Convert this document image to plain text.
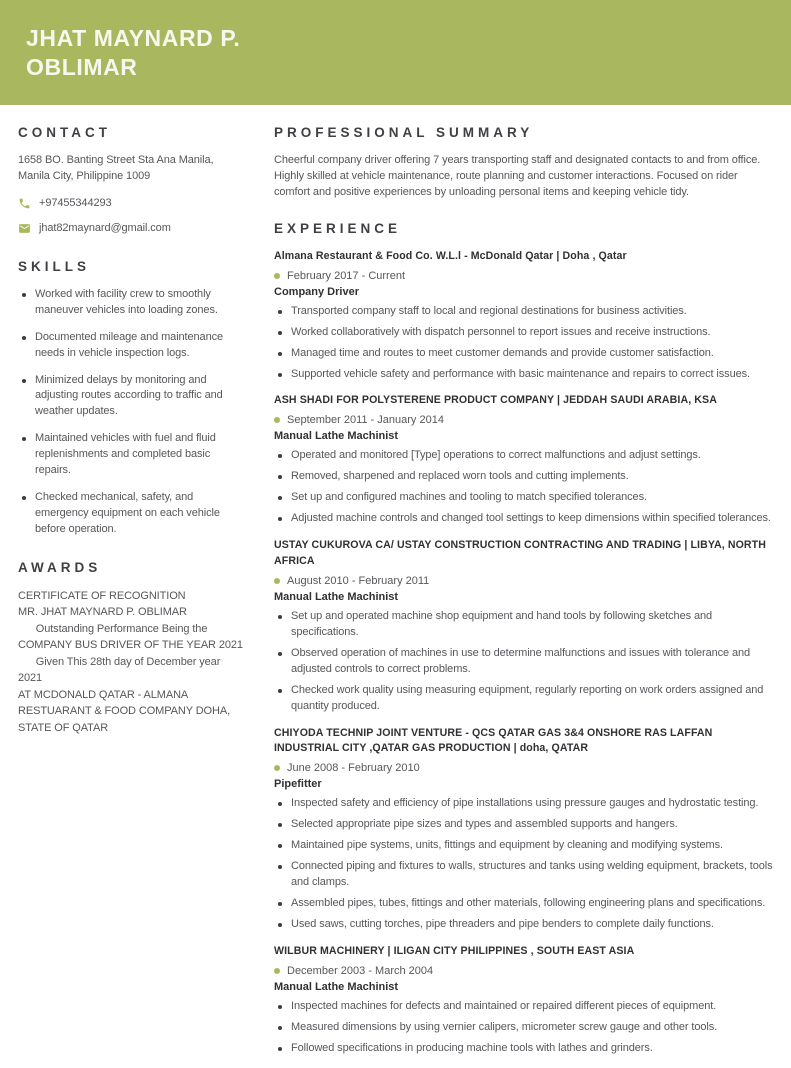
JHAT MAYNARD P. OBLIMAR
CONTACT

1658 BO. Banting Street Sta Ana Manila, Manila City, Philippine 1009

+97455344293
jhat82maynard@gmail.com
SKILLS
Worked with facility crew to smoothly maneuver vehicles into loading zones.
Documented mileage and maintenance needs in vehicle inspection logs.
Minimized delays by monitoring and adjusting routes according to traffic and weather updates.
Maintained vehicles with fuel and fluid replenishments and completed basic repairs.
Checked mechanical, safety, and emergency equipment on each vehicle before operation.
AWARDS
CERTIFICATE OF RECOGNITION
MR. JHAT MAYNARD P. OBLIMAR
Outstanding Performance Being the
COMPANY BUS DRIVER OF THE YEAR 2021
Given This 28th day of December year
2021
AT MCDONALD QATAR - ALMANA
RESTUARANT & FOOD COMPANY DOHA,
STATE OF QATAR
PROFESSIONAL SUMMARY

Cheerful company driver offering 7 years transporting staff and designated contacts to and from office. Highly skilled at vehicle maintenance, route planning and customer interactions. Focused on rider comfort and positive experiences by unloading personal items and keeping vehicle tidy.

EXPERIENCE
Almana Restaurant & Food Co. W.L.l - McDonald Qatar | Doha , Qatar
February 2017 - Current
Company Driver
Transported company staff to local and regional destinations for business activities.
Worked collaboratively with dispatch personnel to report issues and receive instructions.
Managed time and routes to meet customer demands and provide customer satisfaction.
Supported vehicle safety and performance with basic maintenance and repairs to correct issues.
ASH SHADI FOR POLYSTERENE PRODUCT COMPANY | JEDDAH SAUDI ARABIA, KSA
September 2011 - January 2014
Manual Lathe Machinist
Operated and monitored [Type] operations to correct malfunctions and adjust settings.
Removed, sharpened and replaced worn tools and cutting implements.
Set up and configured machines and tooling to match specified tolerances.
Adjusted machine controls and changed tool settings to keep dimensions within specified tolerances.
USTAY CUKUROVA CA/ USTAY CONSTRUCTION CONTRACTING AND TRADING | LIBYA, NORTH AFRICA
August 2010 - February 2011
Manual Lathe Machinist
Set up and operated machine shop equipment and hand tools by following sketches and specifications.
Observed operation of machines in use to determine malfunctions and issues with tolerance and adjusted controls to correct problems.
Checked work quality using measuring equipment, regularly reporting on work orders assigned and quantity produced.
CHIYODA TECHNIP JOINT VENTURE - QCS QATAR GAS 3&4 ONSHORE RAS LAFFAN INDUSTRIAL CITY ,QATAR GAS PRODUCTION | doha, QATAR
June 2008 - February 2010
Pipefitter
Inspected safety and efficiency of pipe installations using pressure gauges and hydrostatic testing.
Selected appropriate pipe sizes and types and assembled supports and hangers.
Maintained pipe systems, units, fittings and equipment by cleaning and modifying systems.
Connected piping and fixtures to walls, structures and tanks using welding equipment, brackets, tools and clamps.
Assembled pipes, tubes, fittings and other materials, following engineering plans and specifications.
Used saws, cutting torches, pipe threaders and pipe benders to complete daily functions.
WILBUR MACHINERY | ILIGAN CITY PHILIPPINES , SOUTH EAST ASIA
December 2003 - March 2004
Manual Lathe Machinist
Inspected machines for defects and maintained or repaired different pieces of equipment.
Measured dimensions by using vernier calipers, micrometer screw gauge and other tools.
Followed specifications in producing machine tools with lathes and grinders.
